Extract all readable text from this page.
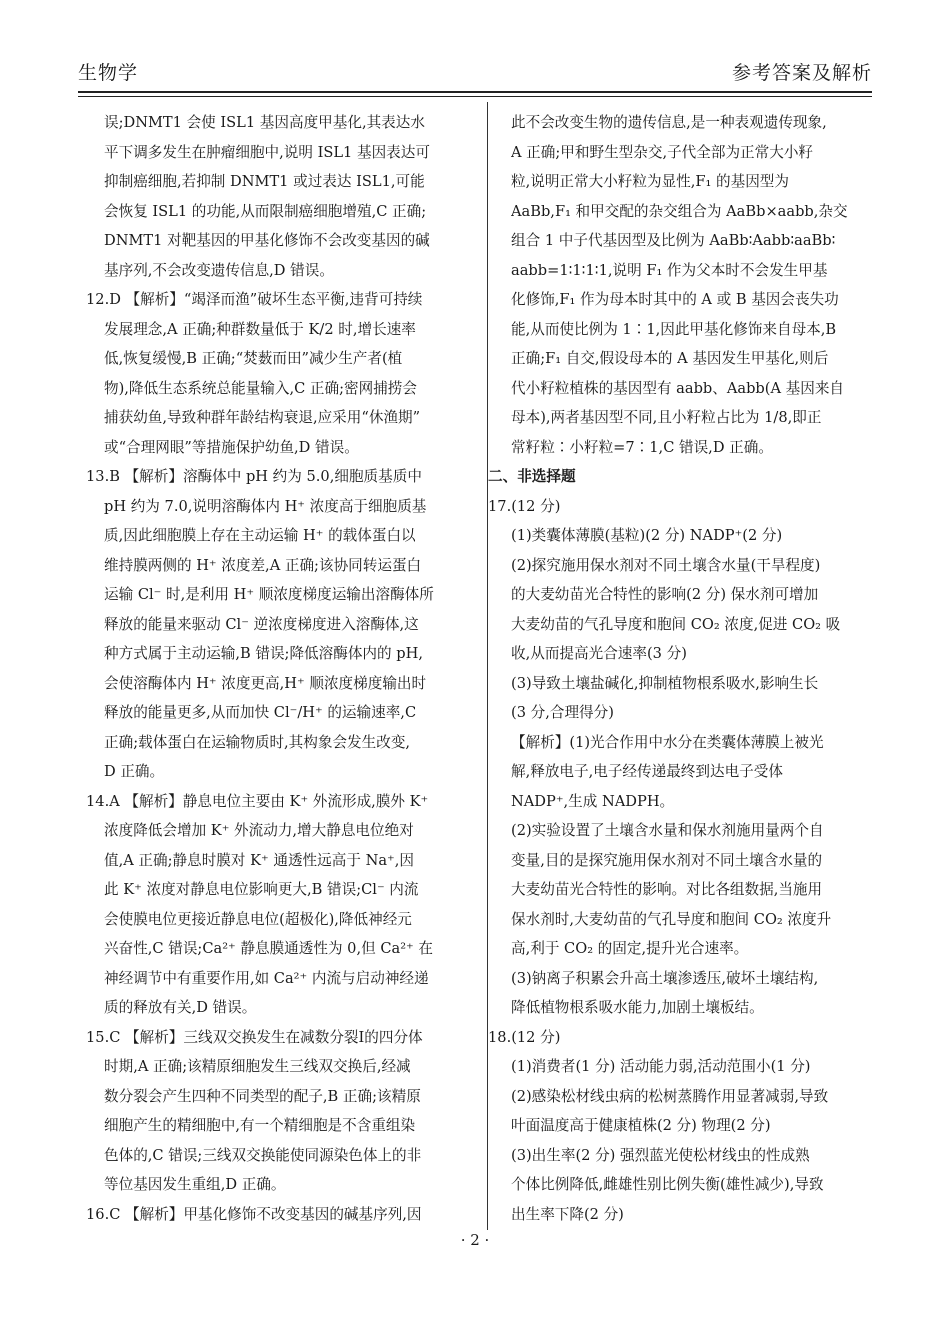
生物学	参考答案及解析
误;DNMT1 会使 ISL1 基因高度甲基化,其表达水
平下调多发生在肿瘤细胞中,说明 ISL1 基因表达可
抑制癌细胞,若抑制 DNMT1 或过表达 ISL1,可能
会恢复 ISL1 的功能,从而限制癌细胞增殖,C 正确;
DNMT1 对靶基因的甲基化修饰不会改变基因的碱
基序列,不会改变遗传信息,D 错误。
12.D 【解析】“竭泽而渔”破坏生态平衡,违背可持续
发展理念,A 正确;种群数量低于 K/2 时,增长速率
低,恢复缓慢,B 正确;“焚薮而田”减少生产者(植
物),降低生态系统总能量输入,C 正确;密网捕捞会
捕获幼鱼,导致种群年龄结构衰退,应采用“休渔期”
或“合理网眼”等措施保护幼鱼,D 错误。
13.B 【解析】溶酶体中 pH 约为 5.0,细胞质基质中
pH 约为 7.0,说明溶酶体内 H⁺ 浓度高于细胞质基
质,因此细胞膜上存在主动运输 H⁺ 的载体蛋白以
维持膜两侧的 H⁺ 浓度差,A 正确;该协同转运蛋白
运输 Cl⁻ 时,是利用 H⁺ 顺浓度梯度运输出溶酶体所
释放的能量来驱动 Cl⁻ 逆浓度梯度进入溶酶体,这
种方式属于主动运输,B 错误;降低溶酶体内的 pH,
会使溶酶体内 H⁺ 浓度更高,H⁺ 顺浓度梯度输出时
释放的能量更多,从而加快 Cl⁻/H⁺ 的运输速率,C
正确;载体蛋白在运输物质时,其构象会发生改变,
D 正确。
14.A 【解析】静息电位主要由 K⁺ 外流形成,膜外 K⁺
浓度降低会增加 K⁺ 外流动力,增大静息电位绝对
值,A 正确;静息时膜对 K⁺ 通透性远高于 Na⁺,因
此 K⁺ 浓度对静息电位影响更大,B 错误;Cl⁻ 内流
会使膜电位更接近静息电位(超极化),降低神经元
兴奋性,C 错误;Ca²⁺ 静息膜通透性为 0,但 Ca²⁺ 在
神经调节中有重要作用,如 Ca²⁺ 内流与启动神经递
质的释放有关,D 错误。
15.C 【解析】三线双交换发生在减数分裂Ⅰ的四分体
时期,A 正确;该精原细胞发生三线双交换后,经减
数分裂会产生四种不同类型的配子,B 正确;该精原
细胞产生的精细胞中,有一个精细胞是不含重组染
色体的,C 错误;三线双交换能使同源染色体上的非
等位基因发生重组,D 正确。
16.C 【解析】甲基化修饰不改变基因的碱基序列,因
此不会改变生物的遗传信息,是一种表观遗传现象,
A 正确;甲和野生型杂交,子代全部为正常大小籽
粒,说明正常大小籽粒为显性,F₁ 的基因型为
AaBb,F₁ 和甲交配的杂交组合为 AaBb×aabb,杂交
组合 1 中子代基因型及比例为 AaBb∶Aabb∶aaBb∶
aabb=1∶1∶1∶1,说明 F₁ 作为父本时不会发生甲基
化修饰,F₁ 作为母本时其中的 A 或 B 基因会丧失功
能,从而使比例为 1∶1,因此甲基化修饰来自母本,B
正确;F₁ 自交,假设母本的 A 基因发生甲基化,则后
代小籽粒植株的基因型有 aabb、Aabb(A 基因来自
母本),两者基因型不同,且小籽粒占比为 1/8,即正
常籽粒∶小籽粒=7∶1,C 错误,D 正确。
二、非选择题
17.(12 分)
(1)类囊体薄膜(基粒)(2 分) NADP⁺(2 分)
(2)探究施用保水剂对不同土壤含水量(干旱程度)
的大麦幼苗光合特性的影响(2 分) 保水剂可增加
大麦幼苗的气孔导度和胞间 CO₂ 浓度,促进 CO₂ 吸
收,从而提高光合速率(3 分)
(3)导致土壤盐碱化,抑制植物根系吸水,影响生长
(3 分,合理得分)
【解析】(1)光合作用中水分在类囊体薄膜上被光
解,释放电子,电子经传递最终到达电子受体
NADP⁺,生成 NADPH。
(2)实验设置了土壤含水量和保水剂施用量两个自
变量,目的是探究施用保水剂对不同土壤含水量的
大麦幼苗光合特性的影响。对比各组数据,当施用
保水剂时,大麦幼苗的气孔导度和胞间 CO₂ 浓度升
高,利于 CO₂ 的固定,提升光合速率。
(3)钠离子积累会升高土壤渗透压,破坏土壤结构,
降低植物根系吸水能力,加剧土壤板结。
18.(12 分)
(1)消费者(1 分) 活动能力弱,活动范围小(1 分)
(2)感染松材线虫病的松树蒸腾作用显著减弱,导致
叶面温度高于健康植株(2 分) 物理(2 分)
(3)出生率(2 分) 强烈蓝光使松材线虫的性成熟
个体比例降低,雌雄性别比例失衡(雄性减少),导致
出生率下降(2 分)
· 2 ·
